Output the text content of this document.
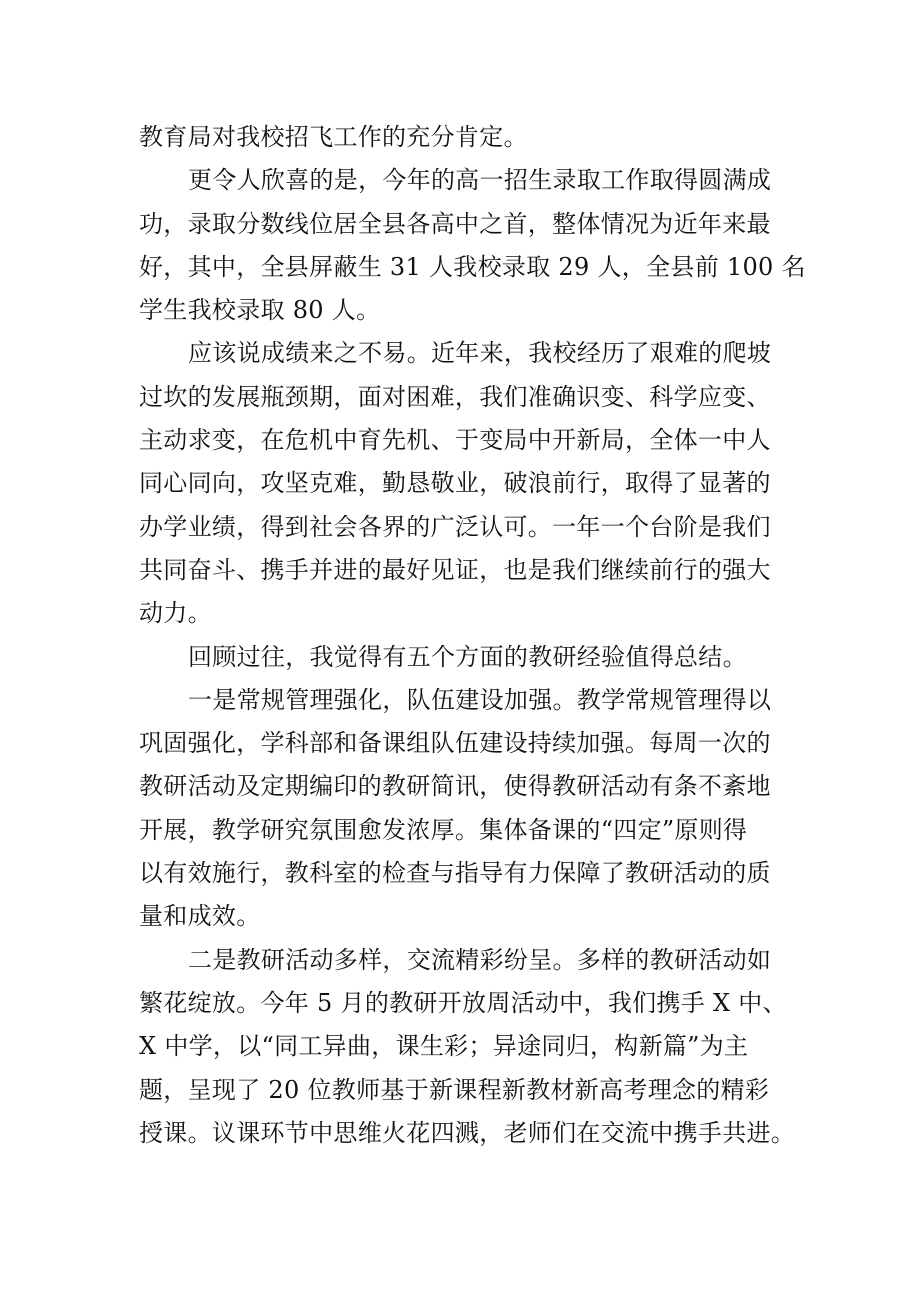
教育局对我校招飞工作的充分肯定。
更令人欣喜的是，今年的高一招生录取工作取得圆满成
功，录取分数线位居全县各高中之首，整体情况为近年来最
好，其中，全县屏蔽生 31 人我校录取 29 人，全县前 100 名
学生我校录取 80 人。
应该说成绩来之不易。近年来，我校经历了艰难的爬坡
过坎的发展瓶颈期，面对困难，我们准确识变、科学应变、
主动求变，在危机中育先机、于变局中开新局，全体一中人
同心同向，攻坚克难，勤恳敬业，破浪前行，取得了显著的
办学业绩，得到社会各界的广泛认可。一年一个台阶是我们
共同奋斗、携手并进的最好见证，也是我们继续前行的强大
动力。
回顾过往，我觉得有五个方面的教研经验值得总结。
一是常规管理强化，队伍建设加强。教学常规管理得以
巩固强化，学科部和备课组队伍建设持续加强。每周一次的
教研活动及定期编印的教研简讯，使得教研活动有条不紊地
开展，教学研究氛围愈发浓厚。集体备课的“四定”原则得
以有效施行，教科室的检查与指导有力保障了教研活动的质
量和成效。
二是教研活动多样，交流精彩纷呈。多样的教研活动如
繁花绽放。今年 5 月的教研开放周活动中，我们携手 X 中、
X 中学，以“同工异曲，课生彩；异途同归，构新篇”为主
题，呈现了 20 位教师基于新课程新教材新高考理念的精彩
授课。议课环节中思维火花四溅，老师们在交流中携手共进。
